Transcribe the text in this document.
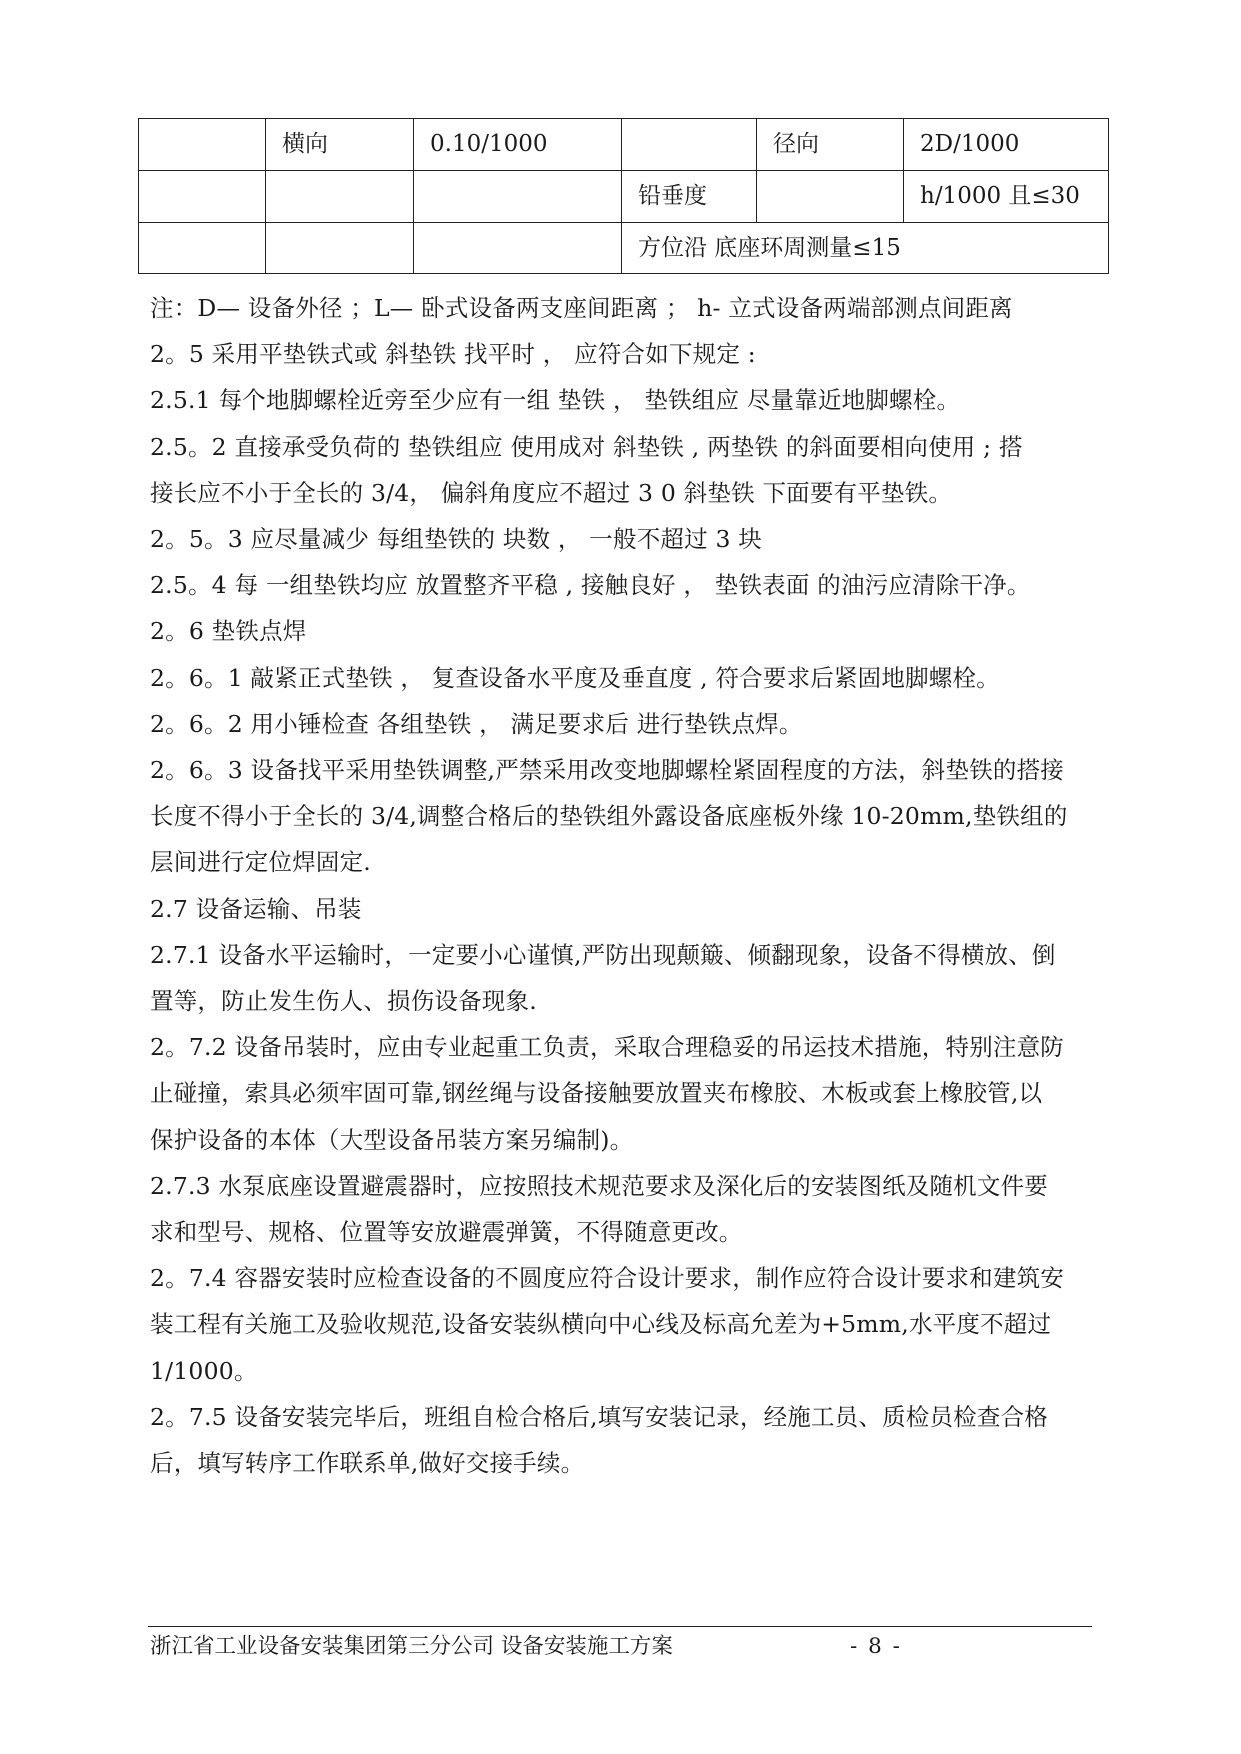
	横向	0.10/1000		径向	2D/1000
			铅垂度		h/1000 且≤30
			方位沿 底座环周测量≤15		

注：D— 设备外径 ；L— 卧式设备两支座间距离 ； h- 立式设备两端部测点间距离

2。5 采用平垫铁式或 斜垫铁 找平时 ， 应符合如下规定 :

2.5.1 每个地脚螺栓近旁至少应有一组 垫铁 ， 垫铁组应 尽量靠近地脚螺栓。

2.5。2 直接承受负荷的 垫铁组应 使用成对 斜垫铁 , 两垫铁 的斜面要相向使用 ; 搭

接长应不小于全长的 3/4， 偏斜角度应不超过 3 0 斜垫铁 下面要有平垫铁。

2。5。3 应尽量减少 每组垫铁的 块数 ， 一般不超过 3 块

2.5。4 每 一组垫铁均应 放置整齐平稳 , 接触良好 ， 垫铁表面 的油污应清除干净。

2。6 垫铁点焊

2。6。1 敲紧正式垫铁 ， 复查设备水平度及垂直度 , 符合要求后紧固地脚螺栓。

2。6。2 用小锤检查 各组垫铁 ， 满足要求后 进行垫铁点焊。

2。6。3 设备找平采用垫铁调整,严禁采用改变地脚螺栓紧固程度的方法，斜垫铁的搭接

长度不得小于全长的 3/4,调整合格后的垫铁组外露设备底座板外缘 10-20mm,垫铁组的

层间进行定位焊固定.

2.7 设备运输、吊装

2.7.1 设备水平运输时，一定要小心谨慎,严防出现颠簸、倾翻现象，设备不得横放、倒

置等，防止发生伤人、损伤设备现象.

2。7.2 设备吊装时，应由专业起重工负责，采取合理稳妥的吊运技术措施，特别注意防

止碰撞，索具必须牢固可靠,钢丝绳与设备接触要放置夹布橡胶、木板或套上橡胶管,以

保护设备的本体（大型设备吊装方案另编制)。

2.7.3 水泵底座设置避震器时，应按照技术规范要求及深化后的安装图纸及随机文件要

求和型号、规格、位置等安放避震弹簧，不得随意更改。

2。7.4 容器安装时应检查设备的不圆度应符合设计要求，制作应符合设计要求和建筑安

装工程有关施工及验收规范,设备安装纵横向中心线及标高允差为+5mm,水平度不超过

1/1000。

2。7.5 设备安装完毕后，班组自检合格后,填写安装记录，经施工员、质检员检查合格

后，填写转序工作联系单,做好交接手续。

浙江省工业设备安装集团第三分公司 设备安装施工方案	- 8 -
